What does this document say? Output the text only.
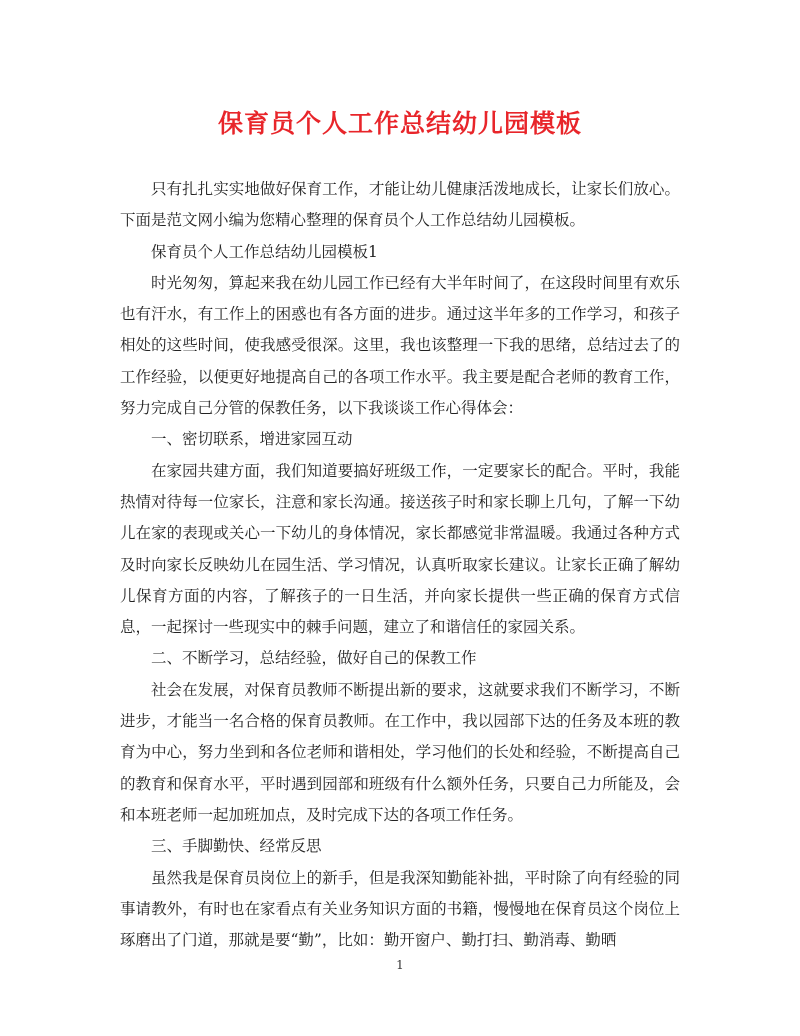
保育员个人工作总结幼儿园模板

只有扎扎实实地做好保育工作，才能让幼儿健康活泼地成长，让家长们放心。下面是范文网小编为您精心整理的保育员个人工作总结幼儿园模板。

保育员个人工作总结幼儿园模板1

时光匆匆，算起来我在幼儿园工作已经有大半年时间了，在这段时间里有欢乐也有汗水，有工作上的困惑也有各方面的进步。通过这半年多的工作学习，和孩子相处的这些时间，使我感受很深。这里，我也该整理一下我的思绪，总结过去了的工作经验，以便更好地提高自己的各项工作水平。我主要是配合老师的教育工作，努力完成自己分管的保教任务，以下我谈谈工作心得体会：

一、密切联系，增进家园互动

在家园共建方面，我们知道要搞好班级工作，一定要家长的配合。平时，我能热情对待每一位家长，注意和家长沟通。接送孩子时和家长聊上几句，了解一下幼儿在家的表现或关心一下幼儿的身体情况，家长都感觉非常温暖。我通过各种方式及时向家长反映幼儿在园生活、学习情况，认真听取家长建议。让家长正确了解幼儿保育方面的内容，了解孩子的一日生活，并向家长提供一些正确的保育方式信息，一起探讨一些现实中的棘手问题，建立了和谐信任的家园关系。

二、不断学习，总结经验，做好自己的保教工作

社会在发展，对保育员教师不断提出新的要求，这就要求我们不断学习，不断进步，才能当一名合格的保育员教师。在工作中，我以园部下达的任务及本班的教育为中心，努力坐到和各位老师和谐相处，学习他们的长处和经验，不断提高自己的教育和保育水平，平时遇到园部和班级有什么额外任务，只要自己力所能及，会和本班老师一起加班加点，及时完成下达的各项工作任务。

三、手脚勤快、经常反思

虽然我是保育员岗位上的新手，但是我深知勤能补拙，平时除了向有经验的同事请教外，有时也在家看点有关业务知识方面的书籍，慢慢地在保育员这个岗位上琢磨出了门道，那就是要“勤”，比如：勤开窗户、勤打扫、勤消毒、勤晒

1
